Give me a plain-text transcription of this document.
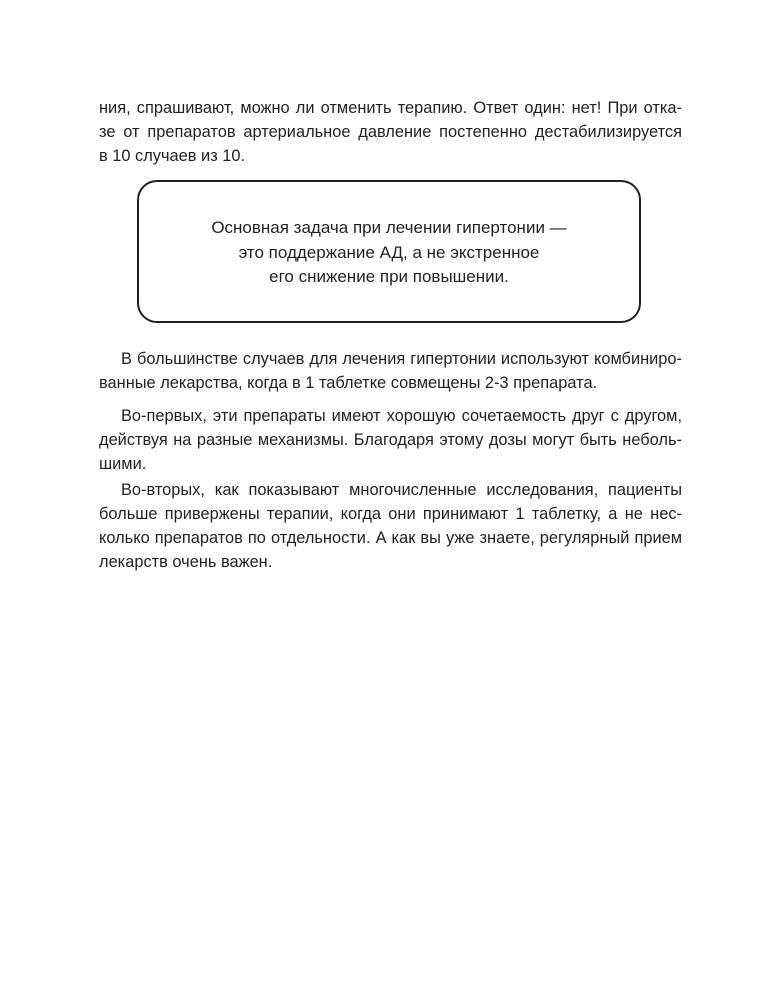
ния, спрашивают, можно ли отменить терапию. Ответ один: нет! При отка-
зе от препаратов артериальное давление постепенно дестабилизируется
в 10 случаев из 10.
Основная задача при лечении гипертонии —
это поддержание АД, а не экстренное
его снижение при повышении.
В большинстве случаев для лечения гипертонии используют комбиниро-
ванные лекарства, когда в 1 таблетке совмещены 2-3 препарата.
Во-первых, эти препараты имеют хорошую сочетаемость друг с другом,
действуя на разные механизмы. Благодаря этому дозы могут быть неболь-
шими.
Во-вторых, как показывают многочисленные исследования, пациенты
больше привержены терапии, когда они принимают 1 таблетку, а не нес-
колько препаратов по отдельности. А как вы уже знаете, регулярный прием
лекарств очень важен.
